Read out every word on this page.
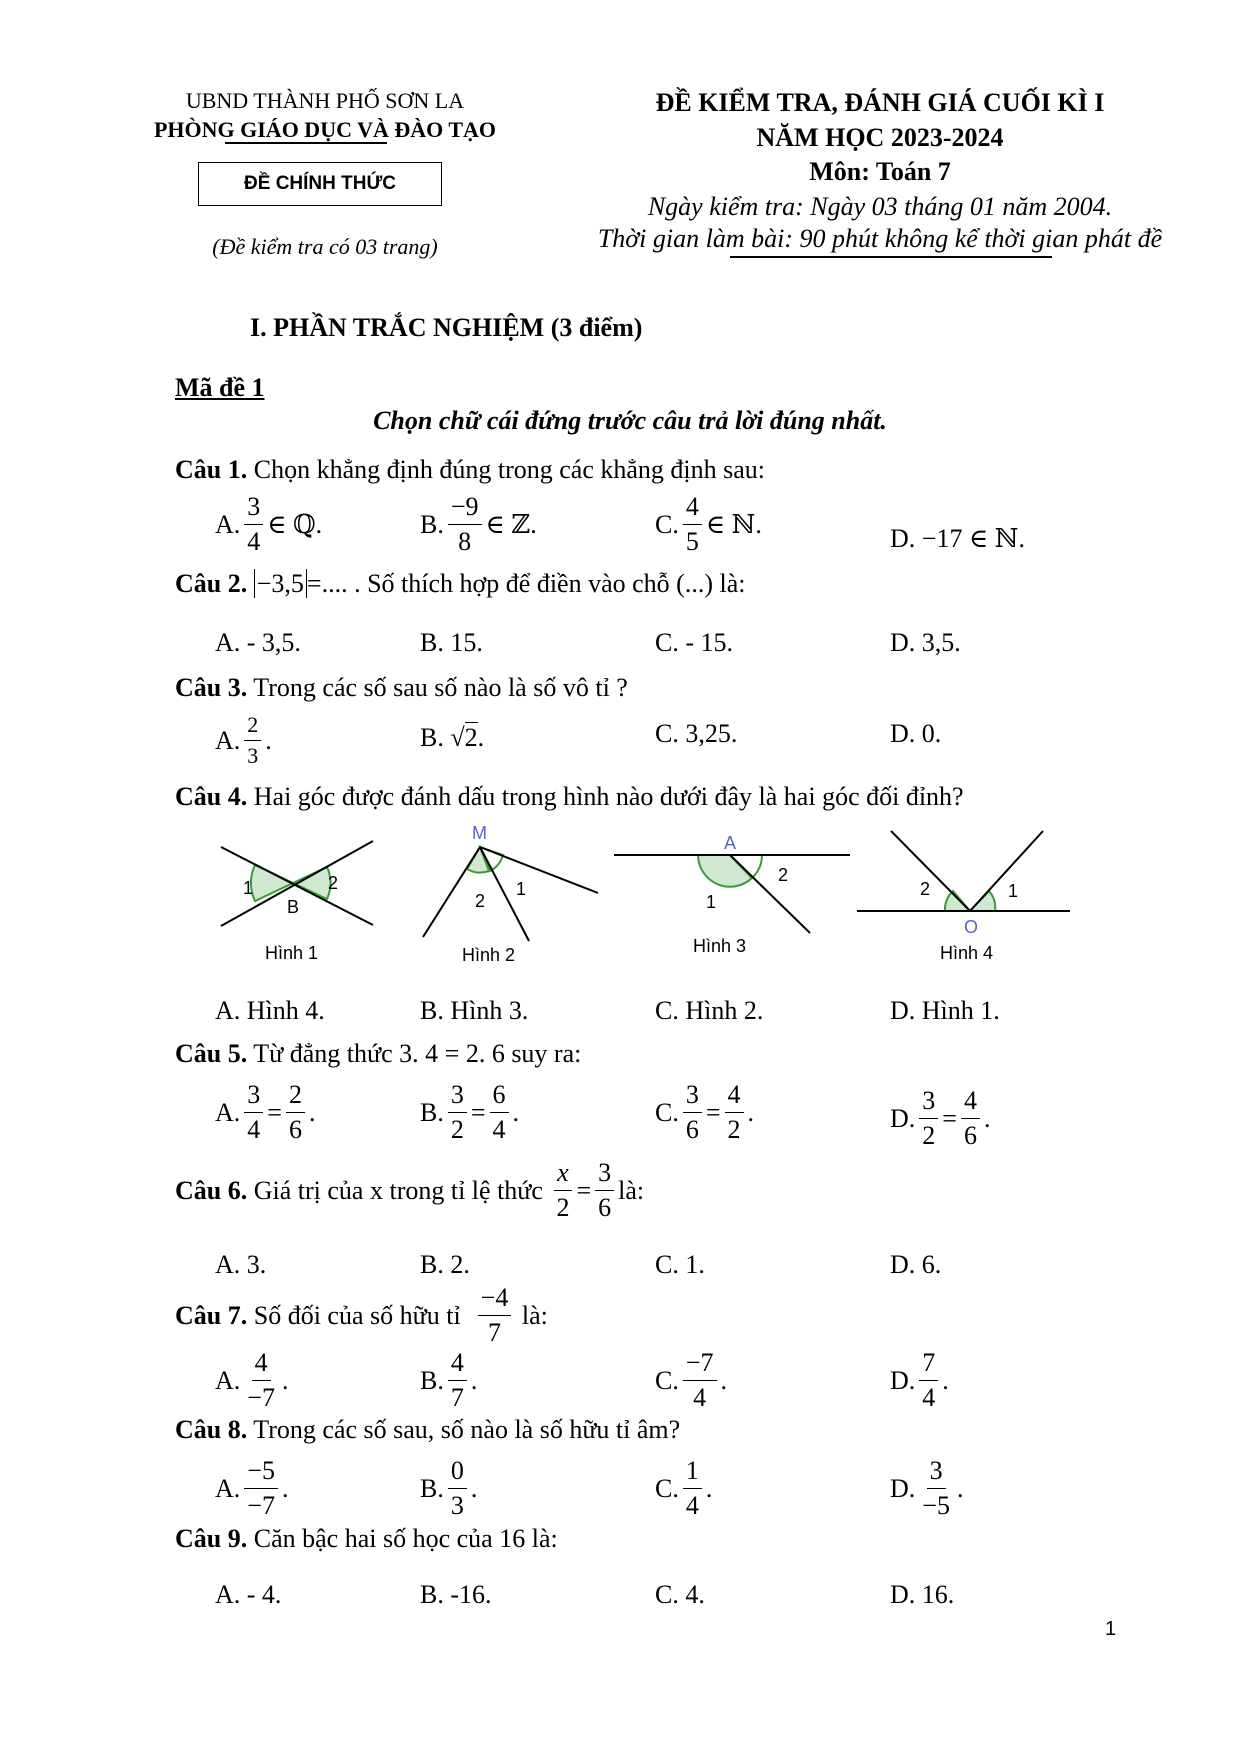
UBND THÀNH PHỐ SƠN LA
PHÒNG GIÁO DỤC VÀ ĐÀO TẠO
ĐỀ CHÍNH THỨC
(Đề kiểm tra có 03 trang)
ĐỀ KIỂM TRA, ĐÁNH GIÁ CUỐI KÌ I
NĂM HỌC 2023-2024
Môn: Toán 7
Ngày kiểm tra: Ngày 03 tháng 01 năm 2004.
Thời gian làm bài: 90 phút không kể thời gian phát đề
I. PHẦN TRẮC NGHIỆM (3 điểm)
Mã đề 1
Chọn chữ cái đứng trước câu trả lời đúng nhất.
Câu 1. Chọn khẳng định đúng trong các khẳng định sau:
A. $\frac{3}{4}$ ∈ ℚ.	B. $\frac{-9}{8}$ ∈ ℤ.	C. $\frac{4}{5}$ ∈ ℕ.	D.
−17 ∈ ℕ.
Câu 2. −3,5 =.... . Số thích hợp để điền vào chỗ (...) là:
A. - 3,5.	B. 15.	C. - 15.	D. 3,5.
Câu 3. Trong các số sau số nào là số vô tỉ ?
A. $\frac{2}{3}$ .	B.
√ 2 .	C. 3,25.	D. 0.
Câu 4. Hai góc được đánh dấu trong hình nào dưới đây là hai góc đối đỉnh?
1	2
B
Hình 1
M
1
2
Hình 2
A
2
1
Hình 3
2	1
O
Hình 4
A. Hình 4.	B. Hình 3.	C. Hình 2.	D. Hình 1.
Câu 5. Từ đẳng thức 3. 4 = 2. 6 suy ra:
A. $\frac{3}{4} = \frac{2}{6}$ .	B. $\frac{3}{2} = \frac{6}{4}$ .	C. $\frac{3}{6} = \frac{4}{2}$ .	D. $\frac{3}{2} = \frac{4}{6}$ .
Câu 6.
Giá trị của x trong tỉ lệ thức
$\frac{x}{2} = \frac{3}{6}$ là:
A. 3.	B. 2.	C. 1.	D. 6.
Câu 7.
Số đối của số hữu tỉ
$\frac{-4}{7}$
là:
A. $\frac{4}{-7}$ .	B. $\frac{4}{7}$ .	C. $\frac{-7}{4}$ .	D. $\frac{7}{4}$ .
Câu 8. Trong các số sau, số nào là số hữu tỉ âm?
A. $\frac{-5}{-7}$ .	B. $\frac{0}{3}$ .	C. $\frac{1}{4}$ .	D. $\frac{3}{-5}$ .
Câu 9. Căn bậc hai số học của 16 là:
A. - 4.	B. -16.	C. 4.	D. 16.
1
